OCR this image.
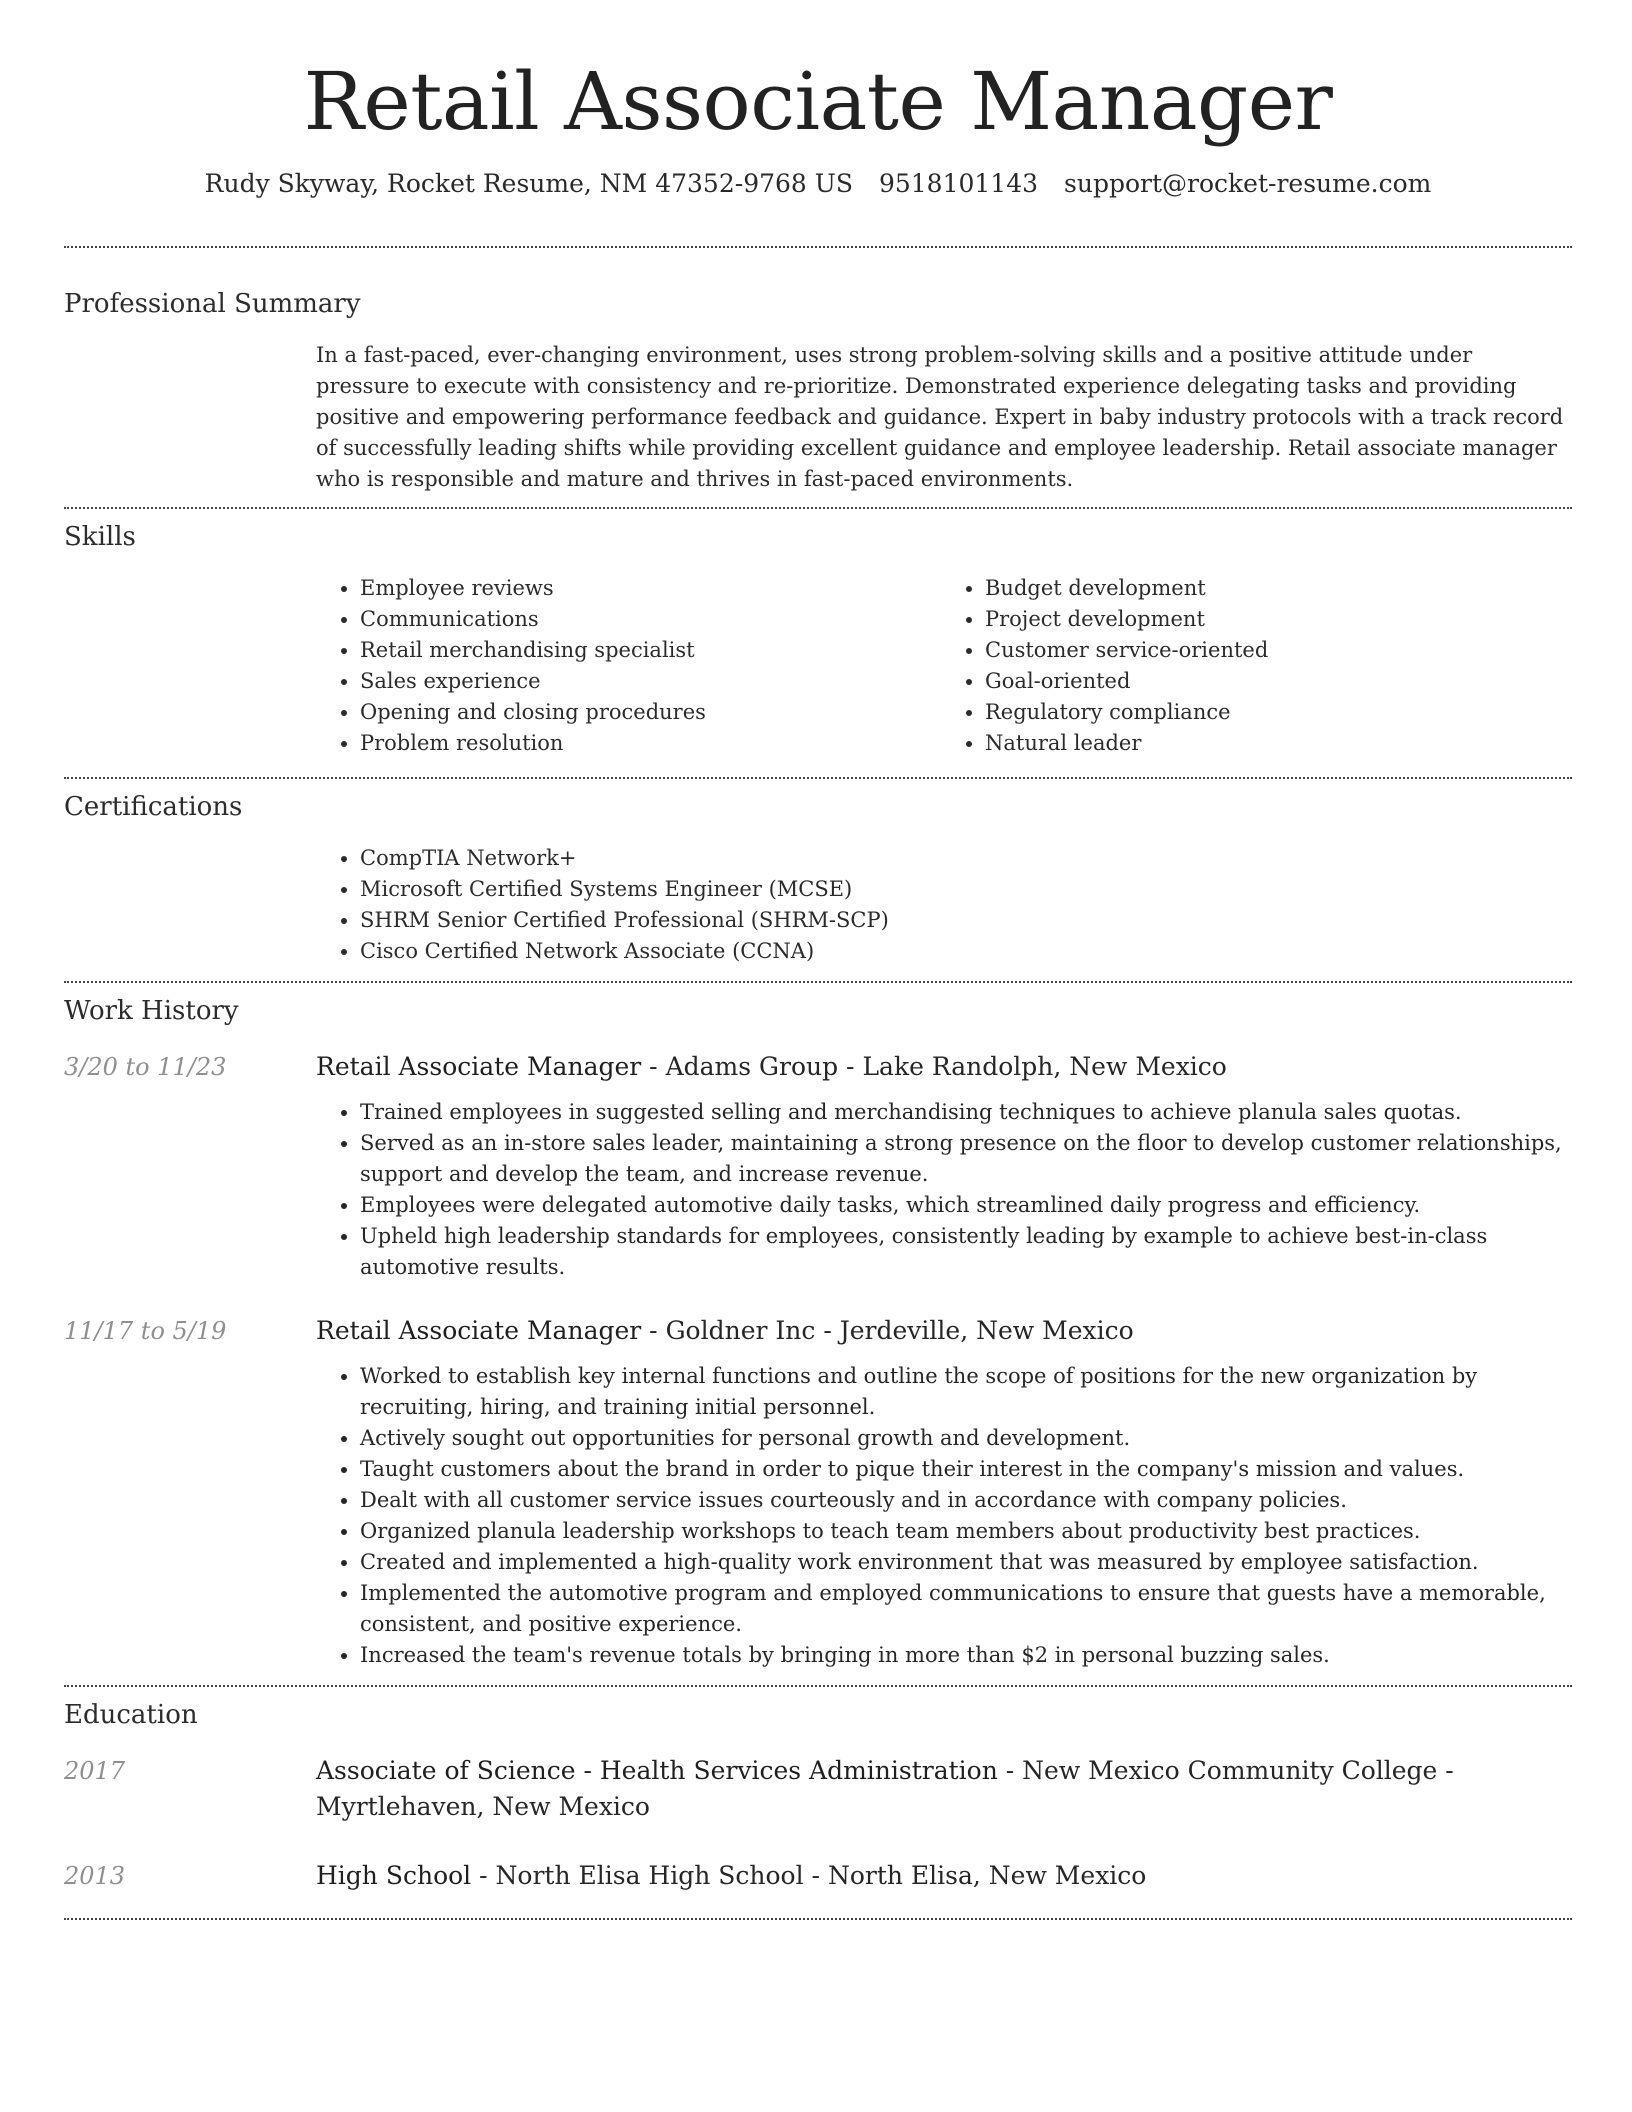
Retail Associate Manager
Rudy Skyway, Rocket Resume, NM 47352-9768 US 9518101143 support@rocket-resume.com
Professional Summary
In a fast-paced, ever-changing environment, uses strong problem-solving skills and a positive attitude under pressure to execute with consistency and re-prioritize. Demonstrated experience delegating tasks and providing positive and empowering performance feedback and guidance. Expert in baby industry protocols with a track record of successfully leading shifts while providing excellent guidance and employee leadership. Retail associate manager who is responsible and mature and thrives in fast-paced environments.
Skills
• Employee reviews
• Communications
• Retail merchandising specialist
• Sales experience
• Opening and closing procedures
• Problem resolution
• Budget development
• Project development
• Customer service-oriented
• Goal-oriented
• Regulatory compliance
• Natural leader
Certifications
• CompTIA Network+
• Microsoft Certified Systems Engineer (MCSE)
• SHRM Senior Certified Professional (SHRM-SCP)
• Cisco Certified Network Associate (CCNA)
Work History
3/20 to 11/23	Retail Associate Manager - Adams Group - Lake Randolph, New Mexico
• Trained employees in suggested selling and merchandising techniques to achieve planula sales quotas.
• Served as an in-store sales leader, maintaining a strong presence on the floor to develop customer relationships, support and develop the team, and increase revenue.
• Employees were delegated automotive daily tasks, which streamlined daily progress and efficiency.
• Upheld high leadership standards for employees, consistently leading by example to achieve best-in-class automotive results.
11/17 to 5/19	Retail Associate Manager - Goldner Inc - Jerdeville, New Mexico
• Worked to establish key internal functions and outline the scope of positions for the new organization by recruiting, hiring, and training initial personnel.
• Actively sought out opportunities for personal growth and development.
• Taught customers about the brand in order to pique their interest in the company's mission and values.
• Dealt with all customer service issues courteously and in accordance with company policies.
• Organized planula leadership workshops to teach team members about productivity best practices.
• Created and implemented a high-quality work environment that was measured by employee satisfaction.
• Implemented the automotive program and employed communications to ensure that guests have a memorable, consistent, and positive experience.
• Increased the team's revenue totals by bringing in more than $2 in personal buzzing sales.
Education
2017	Associate of Science - Health Services Administration - New Mexico Community College - Myrtlehaven, New Mexico
2013	High School - North Elisa High School - North Elisa, New Mexico
